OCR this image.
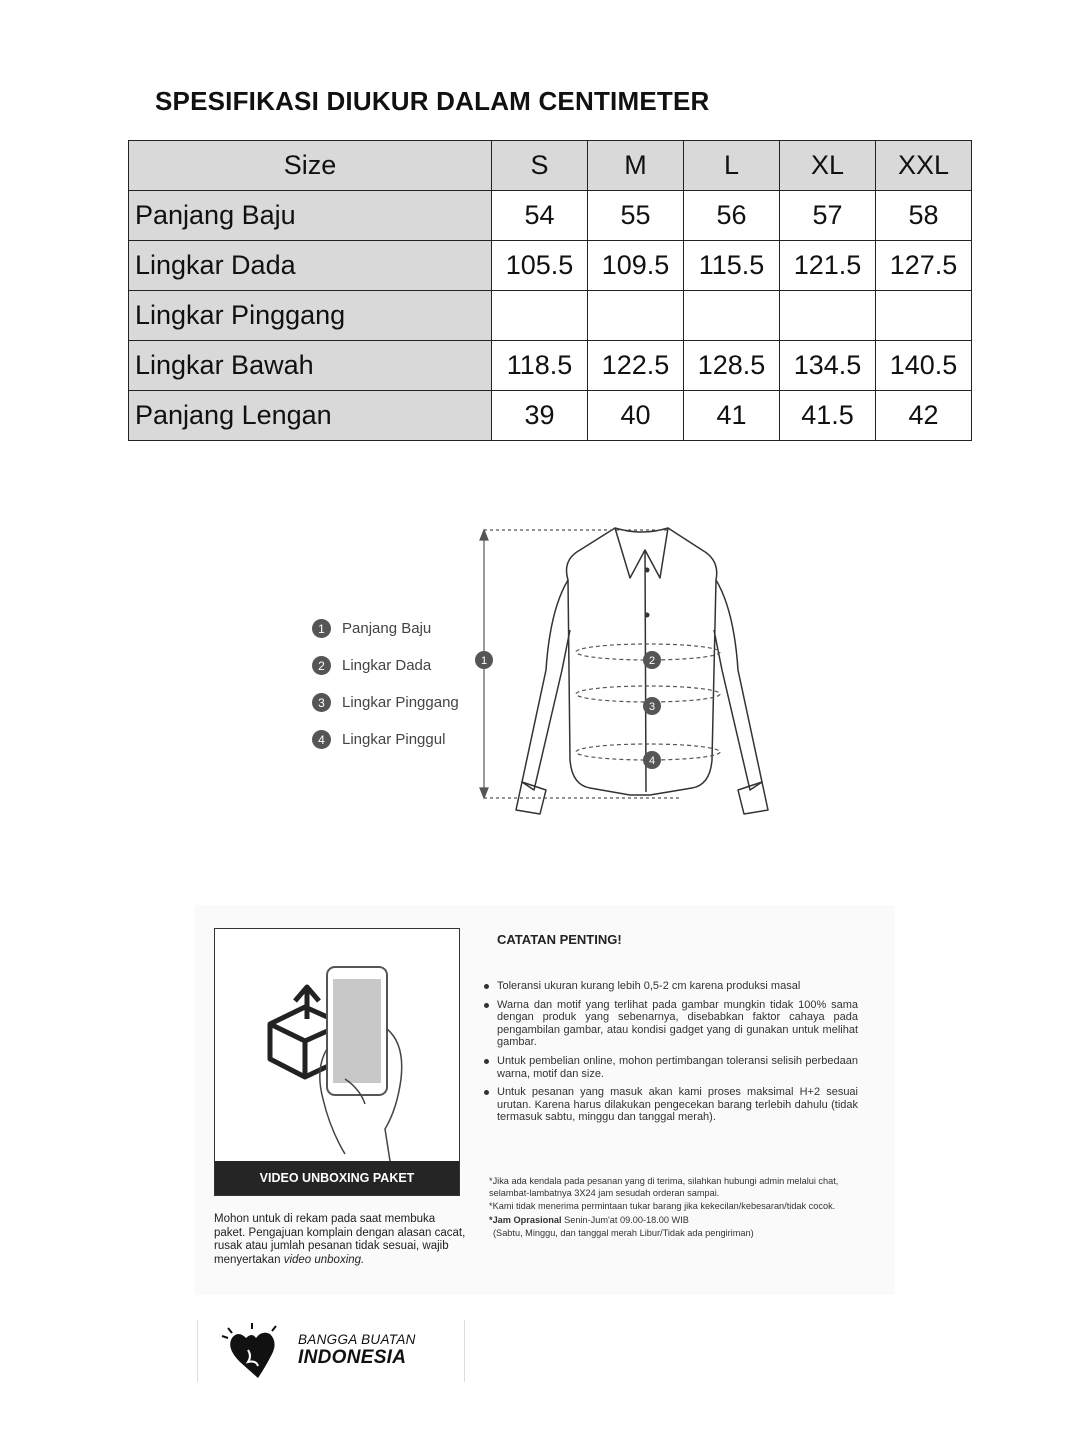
SPESIFIKASI DIUKUR DALAM CENTIMETER
Size	S	M	L	XL	XXL
Panjang Baju	54	55	56	57	58
Lingkar Dada	105.5	109.5	115.5	121.5	127.5
Lingkar Pinggang					
Lingkar Bawah	118.5	122.5	128.5	134.5	140.5
Panjang Lengan	39	40	41	41.5	42
1	Panjang Baju
2	Lingkar Dada
3	Lingkar Pinggang
4	Lingkar Pinggul
1	2
3
4
VIDEO UNBOXING PAKET
Mohon untuk di rekam pada saat membuka paket. Pengajuan komplain dengan alasan cacat, rusak atau jumlah pesanan tidak sesuai, wajib menyertakan video unboxing.
CATATAN PENTING!
Toleransi ukuran kurang lebih 0,5-2 cm karena produksi masal
Warna dan motif yang terlihat pada gambar mungkin tidak 100% sama dengan produk yang sebenarnya, disebabkan faktor cahaya pada pengambilan gambar, atau kondisi gadget yang di gunakan untuk melihat gambar.
Untuk pembelian online, mohon pertimbangan toleransi selisih perbedaan warna, motif dan size.
Untuk pesanan yang masuk akan kami proses maksimal H+2 sesuai urutan. Karena harus dilakukan pengecekan barang terlebih dahulu (tidak termasuk sabtu, minggu dan tanggal merah).

*Jika ada kendala pada pesanan yang di terima, silahkan hubungi admin melalui chat, selambat-lambatnya 3X24 jam sesudah orderan sampai.

*Kami tidak menerima permintaan tukar barang jika kekecilan/kebesaran/tidak cocok.

*Jam Oprasional Senin-Jum'at 09.00-18.00 WIB

(Sabtu, Minggu, dan tanggal merah Libur/Tidak ada pengiriman)

BANGGA BUATAN
INDONESIA
